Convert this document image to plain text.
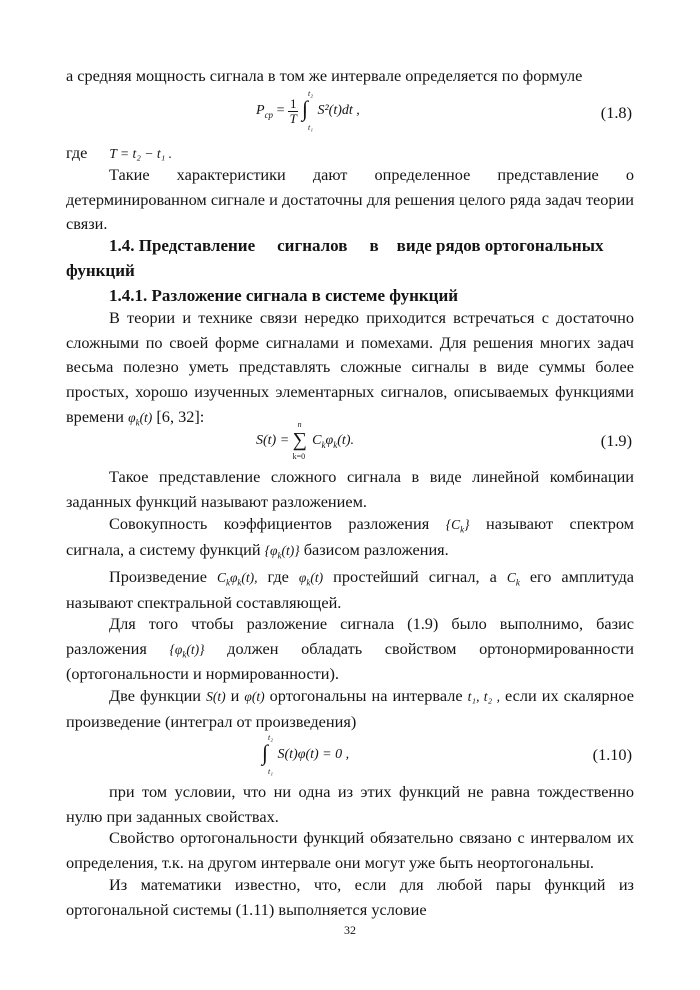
а средняя мощность сигнала в том же интервале определяется по формуле

$P_{cp} = \frac{1}{T}$
∫
t₂
t₁
S²(t)dt ,	(1.8)

где T = t₂ − t₁ .

Такие характеристики дают определенное представление о детерминированном сигнале и достаточны для решения целого ряда задач теории связи.

1.4. Представление сигналов в виде рядов ортогональных
функций

1.4.1. Разложение сигнала в системе функций

В теории и технике связи нередко приходится встречаться с достаточно сложными по своей форме сигналами и помехами. Для решения многих задач весьма полезно уметь представлять сложные сигналы в виде суммы более простых, хорошо изученных элементарных сигналов, описываемых функциями времени $\varphi_k(t)$ [6, 32]:

S(t) = ∑
n
k=0
$C_k\varphi_k(t)$.	(1.9)

Такое представление сложного сигнала в виде линейной комбинации заданных функций называют разложением.

Совокупность коэффициентов разложения $\{C_k\}$ называют спектром сигнала, а систему функций $\{\varphi_k(t)\}$ базисом разложения.

Произведение $C_k\varphi_k(t)$, где $\varphi_k(t)$ простейший сигнал, а $C_k$ его амплитуда называют спектральной составляющей.

Для того чтобы разложение сигнала (1.9) было выполнимо, базис разложения $\{\varphi_k(t)\}$ должен обладать свойством ортонормированности (ортогональности и нормированности).

Две функции S(t) и φ(t) ортогональны на интервале t₁, t₂ , если их скалярное произведение (интеграл от произведения)

∫
t₂
t₁
S(t)φ(t) = 0 ,	(1.10)

при том условии, что ни одна из этих функций не равна тождественно нулю при заданных свойствах.

Свойство ортогональности функций обязательно связано с интервалом их определения, т.к. на другом интервале они могут уже быть неортогональны.

Из математики известно, что, если для любой пары функций из ортогональной системы (1.11) выполняется условие

32
